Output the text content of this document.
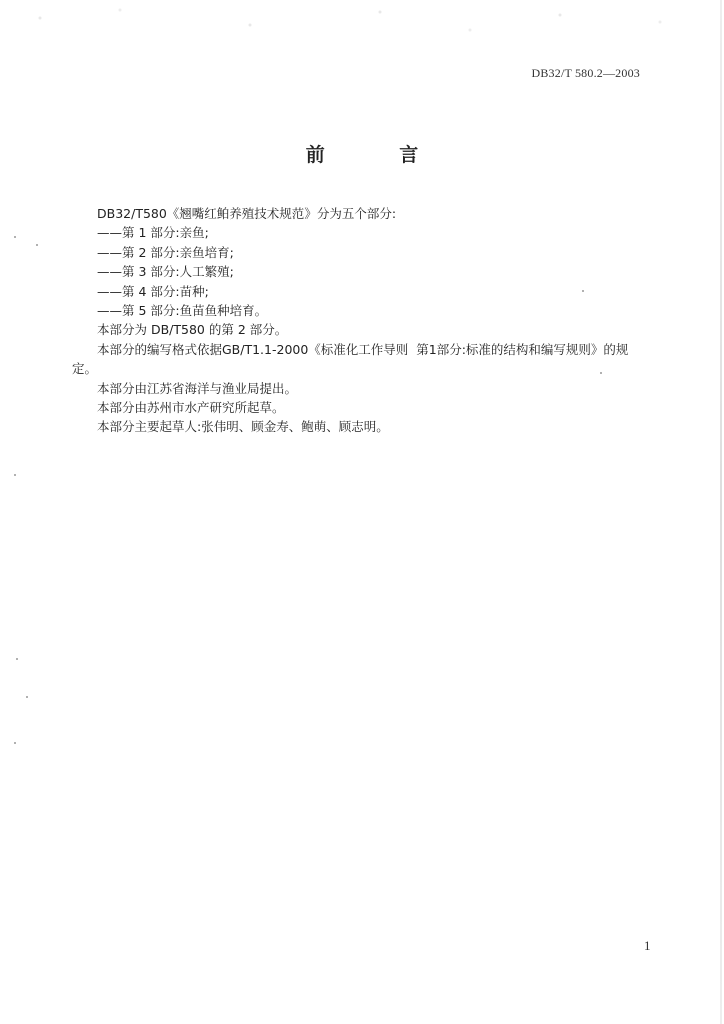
DB32/T 580.2—2003
前 言
DB32/T580《翘嘴红鲌养殖技术规范》分为五个部分:
——第 1 部分:亲鱼;
——第 2 部分:亲鱼培育;
——第 3 部分:人工繁殖;
——第 4 部分:苗种;
——第 5 部分:鱼苗鱼种培育。
本部分为 DB/T580 的第 2 部分。
本部分的编写格式依据GB/T1.1-2000《标准化工作导则  第1部分:标准的结构和编写规则》的规定。
本部分由江苏省海洋与渔业局提出。
本部分由苏州市水产研究所起草。
本部分主要起草人:张伟明、顾金寿、鲍萌、顾志明。
1
